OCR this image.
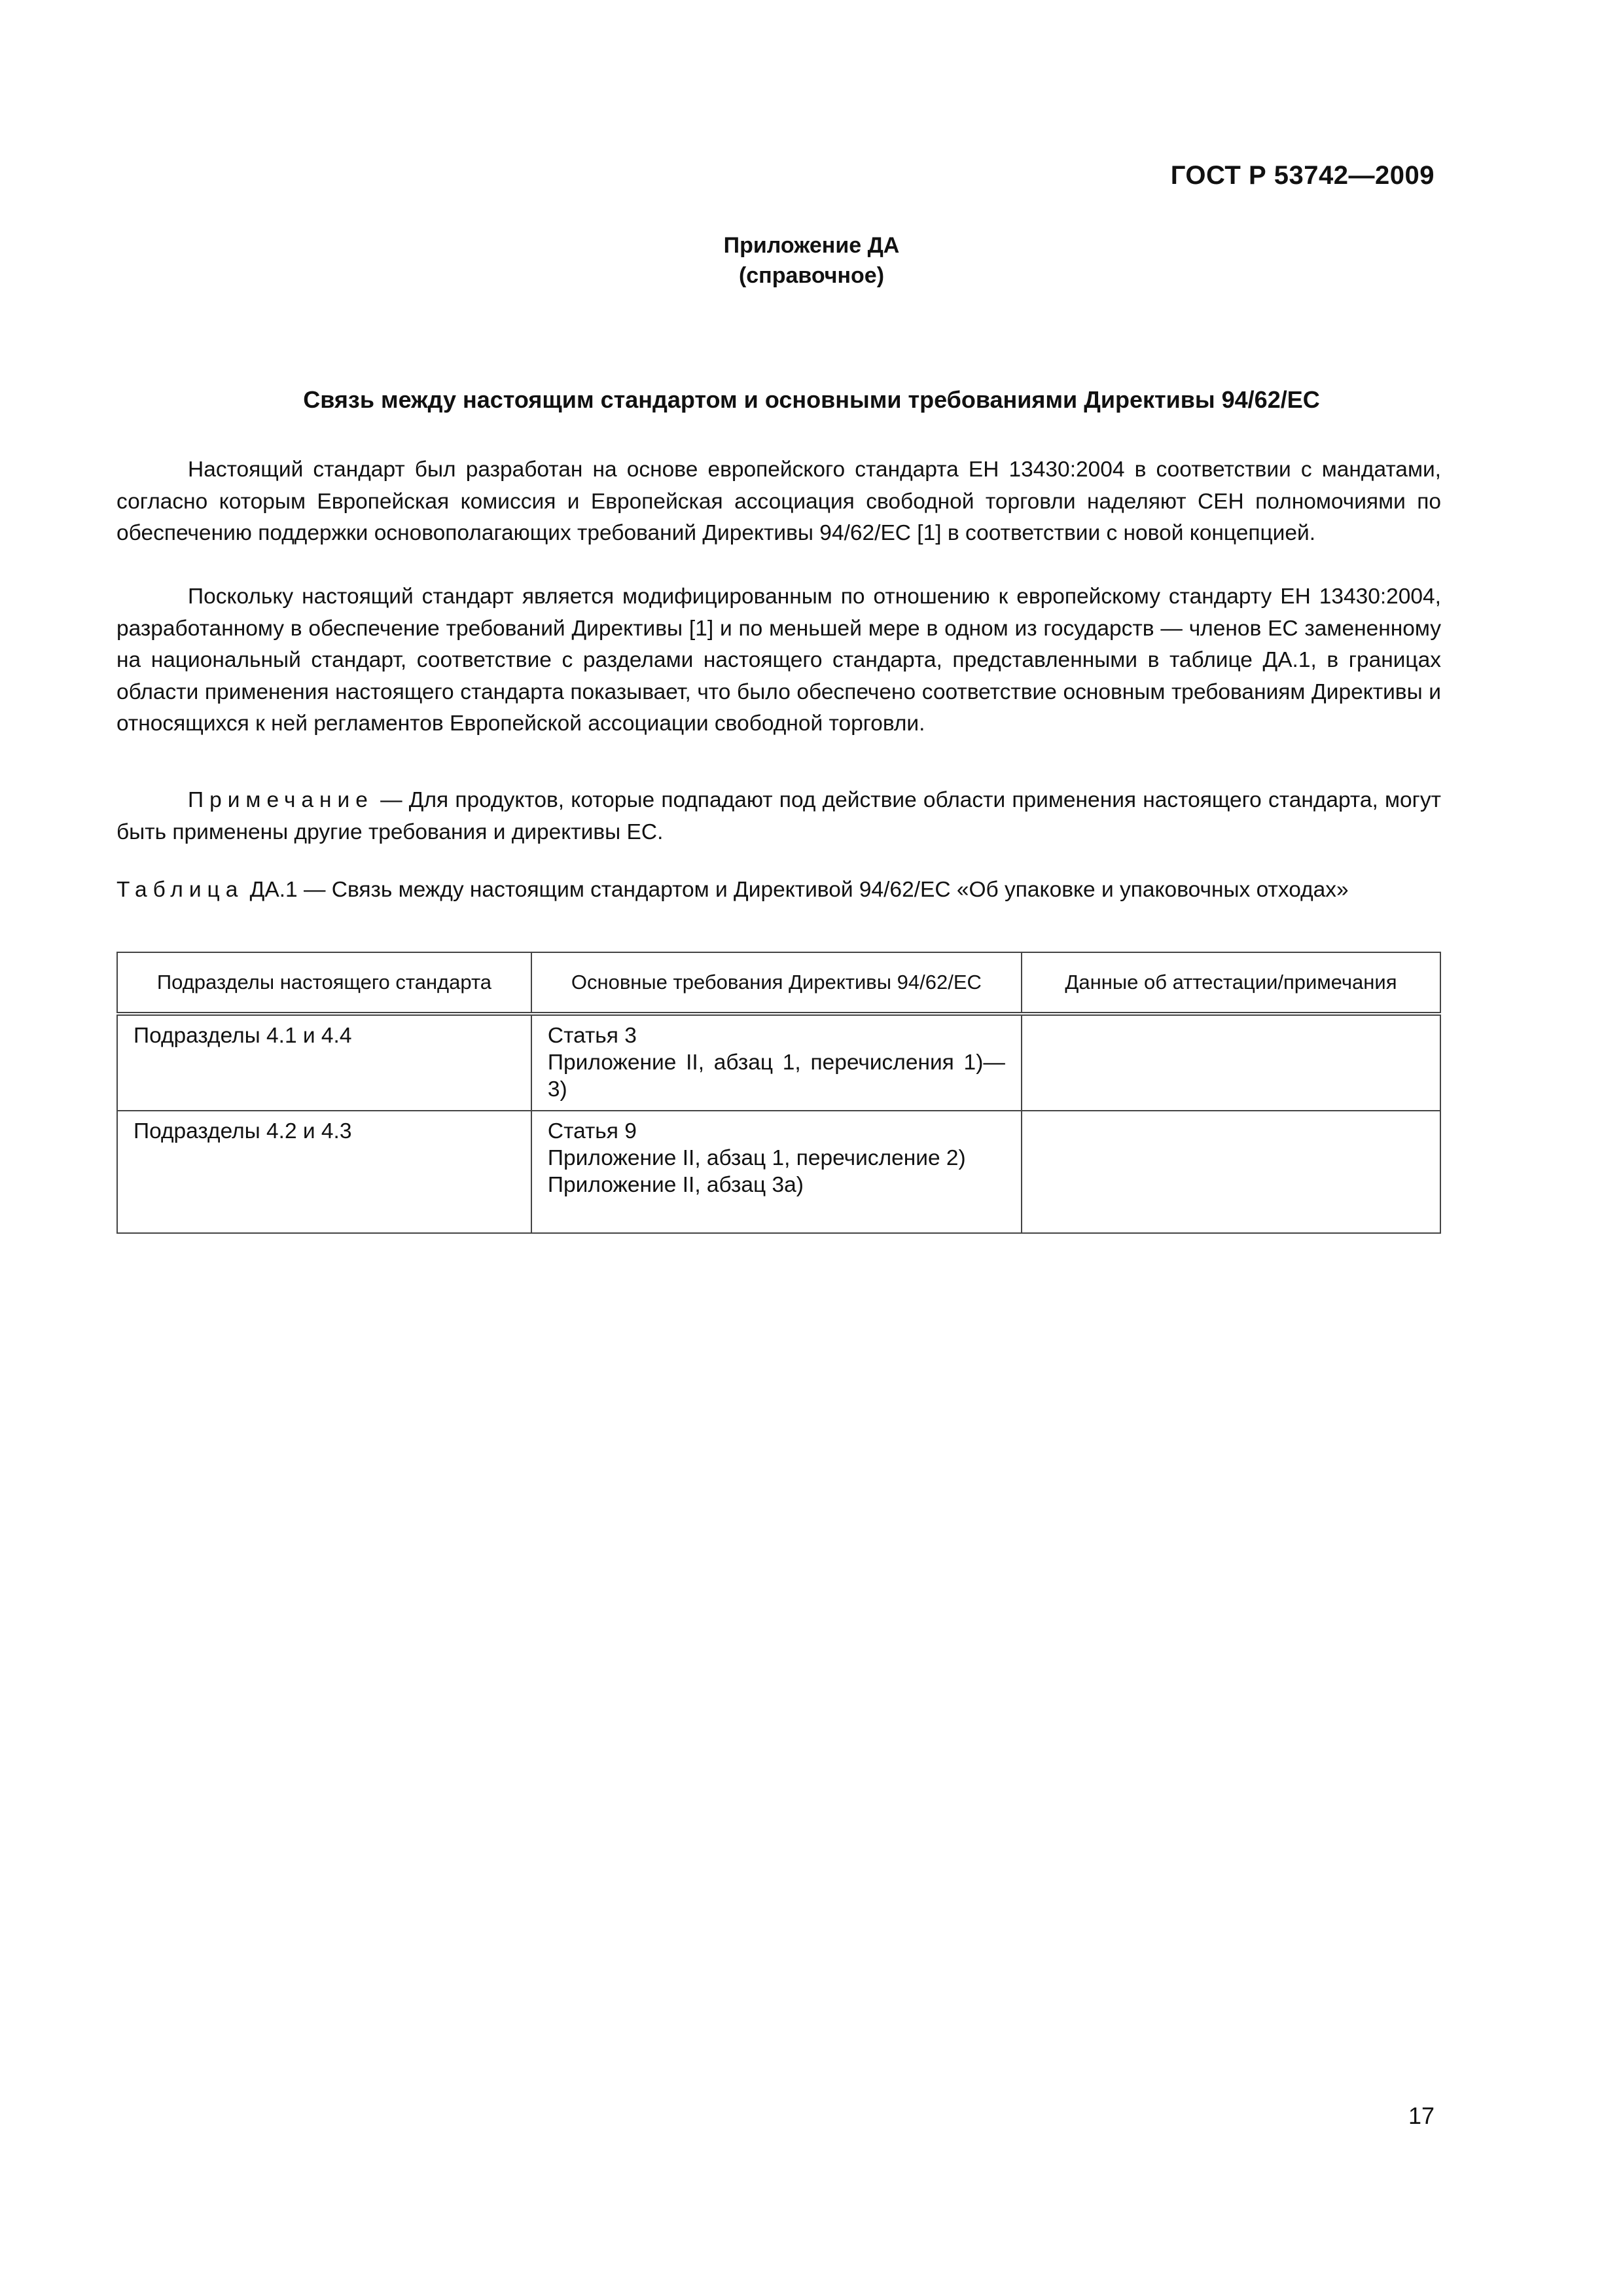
ГОСТ Р 53742—2009
Приложение ДА
(справочное)
Связь между настоящим стандартом и основными требованиями Директивы 94/62/ЕС

Настоящий стандарт был разработан на основе европейского стандарта ЕН 13430:2004 в соответствии с мандатами, согласно которым Европейская комиссия и Европейская ассоциация свободной торговли наделяют СЕН полномочиями по обеспечению поддержки основополагающих требований Директивы 94/62/ЕС [1] в соответствии с новой концепцией.

Поскольку настоящий стандарт является модифицированным по отношению к европейскому стандарту ЕН 13430:2004, разработанному в обеспечение требований Директивы [1] и по меньшей мере в одном из государств — членов ЕС замененному на национальный стандарт, соответствие с разделами настоящего стандарта, представленными в таблице ДА.1, в границах области применения настоящего стандарта показывает, что было обеспечено соответствие основным требованиям Директивы и относящихся к ней регламентов Европейской ассоциации свободной торговли.

Примечание — Для продуктов, которые подпадают под действие области применения настоящего стандарта, могут быть применены другие требования и директивы ЕС.

Таблица ДА.1 — Связь между настоящим стандартом и Директивой 94/62/ЕС «Об упаковке и упаковочных отходах»
Подразделы настоящего стандарта	Основные требования Директивы 94/62/ЕС	Данные об аттестации/примечания
Подразделы 4.1 и 4.4	Статья 3
Приложение II, абзац 1, перечисления 1)—3)	

Подразделы 4.2 и 4.3	Статья 9
Приложение II, абзац 1, перечисление 2)
Приложение II, абзац 3а)	

17
